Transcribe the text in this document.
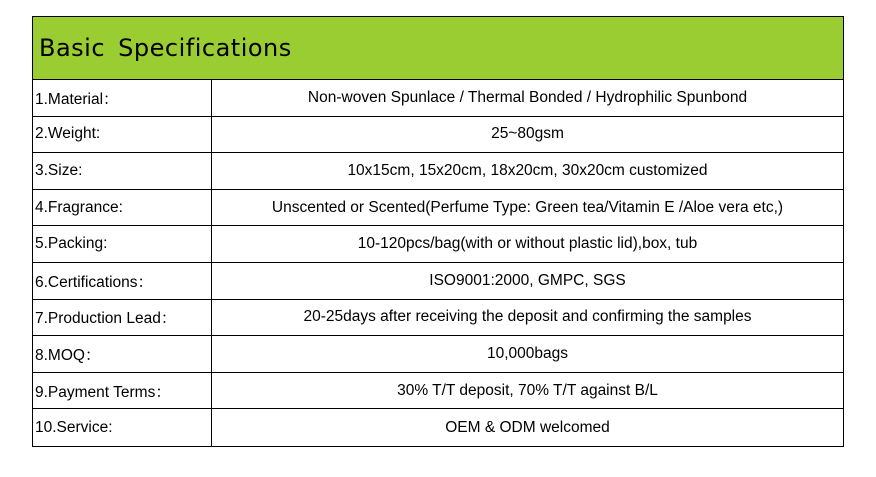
Basic Specifications
1.Material：	Non-woven Spunlace / Thermal Bonded / Hydrophilic Spunbond
2.Weight:	25~80gsm
3.Size:	10x15cm, 15x20cm, 18x20cm, 30x20cm customized
4.Fragrance:	Unscented or Scented(Perfume Type: Green tea/Vitamin E /Aloe vera etc,)
5.Packing:	10-120pcs/bag(with or without plastic lid),box, tub
6.Certifications：	ISO9001:2000, GMPC, SGS
7.Production Lead：	20-25days after receiving the deposit and confirming the samples
8.MOQ：	10,000bags
9.Payment Terms：	30% T/T deposit, 70% T/T against B/L
10.Service:	OEM & ODM welcomed
